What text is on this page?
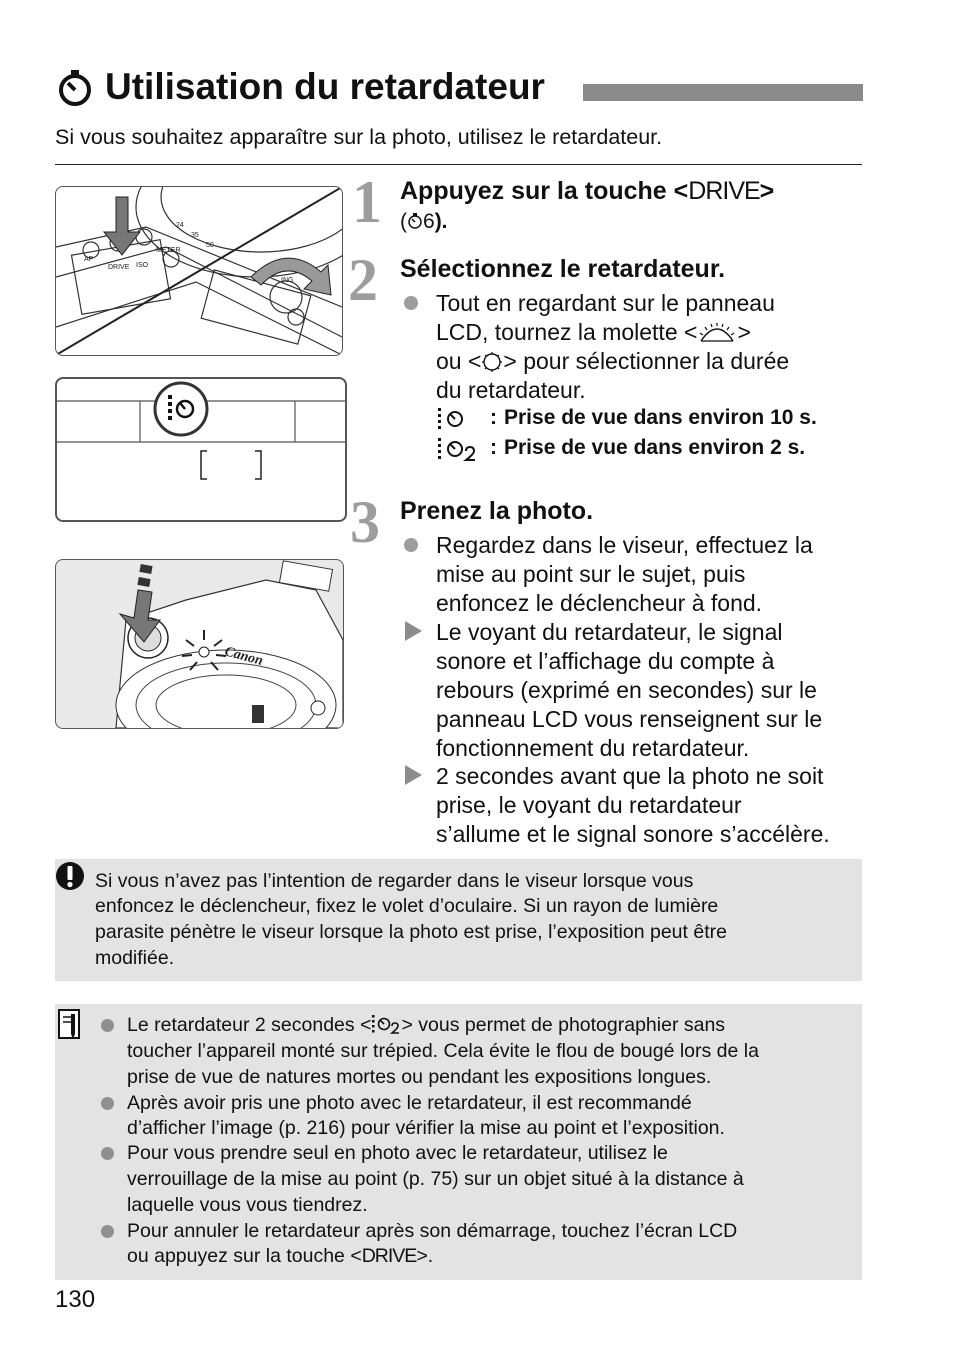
Utilisation du retardateur
Si vous souhaitez apparaître sur la photo, utilisez le retardateur.
AF
DRIVE ISO
METER
24
35
50
ING
Canon
1 Appuyez sur la touche <DRIVE>
( 6).
2 Sélectionnez le retardateur.
Tout en regardant sur le panneau
LCD, tournez la molette < >
ou < > pour sélectionner la durée
du retardateur.
: Prise de vue dans environ 10 s.
: Prise de vue dans environ 2 s.
3 Prenez la photo.
Regardez dans le viseur, effectuez la
mise au point sur le sujet, puis
enfoncez le déclencheur à fond.
Le voyant du retardateur, le signal
sonore et l’affichage du compte à
rebours (exprimé en secondes) sur le
panneau LCD vous renseignent sur le
fonctionnement du retardateur.
2 secondes avant que la photo ne soit
prise, le voyant du retardateur
s’allume et le signal sonore s’accélère.
Si vous n’avez pas l’intention de regarder dans le viseur lorsque vous
enfoncez le déclencheur, fixez le volet d’oculaire. Si un rayon de lumière
parasite pénètre le viseur lorsque la photo est prise, l’exposition peut être
modifiée.
Le retardateur 2 secondes < > vous permet de photographier sans
toucher l’appareil monté sur trépied. Cela évite le flou de bougé lors de la
prise de vue de natures mortes ou pendant les expositions longues.
Après avoir pris une photo avec le retardateur, il est recommandé
d’afficher l’image (p. 216) pour vérifier la mise au point et l’exposition.
Pour vous prendre seul en photo avec le retardateur, utilisez le
verrouillage de la mise au point (p. 75) sur un objet situé à la distance à
laquelle vous vous tiendrez.
Pour annuler le retardateur après son démarrage, touchez l’écran LCD
ou appuyez sur la touche <DRIVE>.
130
